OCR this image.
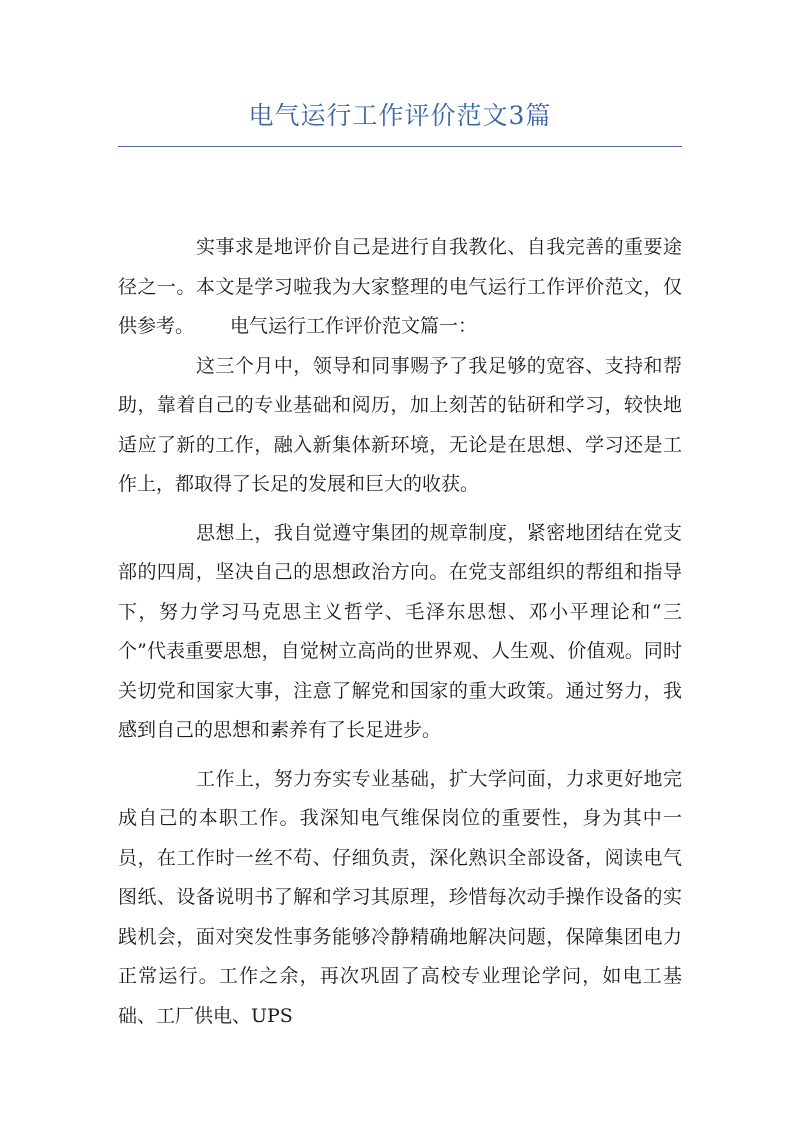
电气运行工作评价范文3篇

实事求是地评价自己是进行自我教化、自我完善的重要途径之一。本文是学习啦我为大家整理的电气运行工作评价范文，仅供参考。 电气运行工作评价范文篇一：

这三个月中，领导和同事赐予了我足够的宽容、支持和帮助，靠着自己的专业基础和阅历，加上刻苦的钻研和学习，较快地适应了新的工作，融入新集体新环境，无论是在思想、学习还是工作上，都取得了长足的发展和巨大的收获。

思想上，我自觉遵守集团的规章制度，紧密地团结在党支部的四周，坚决自己的思想政治方向。在党支部组织的帮组和指导下，努力学习马克思主义哲学、毛泽东思想、邓小平理论和“三个”代表重要思想，自觉树立高尚的世界观、人生观、价值观。同时关切党和国家大事，注意了解党和国家的重大政策。通过努力，我感到自己的思想和素养有了长足进步。

工作上，努力夯实专业基础，扩大学问面，力求更好地完成自己的本职工作。我深知电气维保岗位的重要性，身为其中一员，在工作时一丝不苟、仔细负责，深化熟识全部设备，阅读电气图纸、设备说明书了解和学习其原理，珍惜每次动手操作设备的实践机会，面对突发性事务能够冷静精确地解决问题，保障集团电力正常运行。工作之余，再次巩固了高校专业理论学问，如电工基础、工厂供电、UPS
